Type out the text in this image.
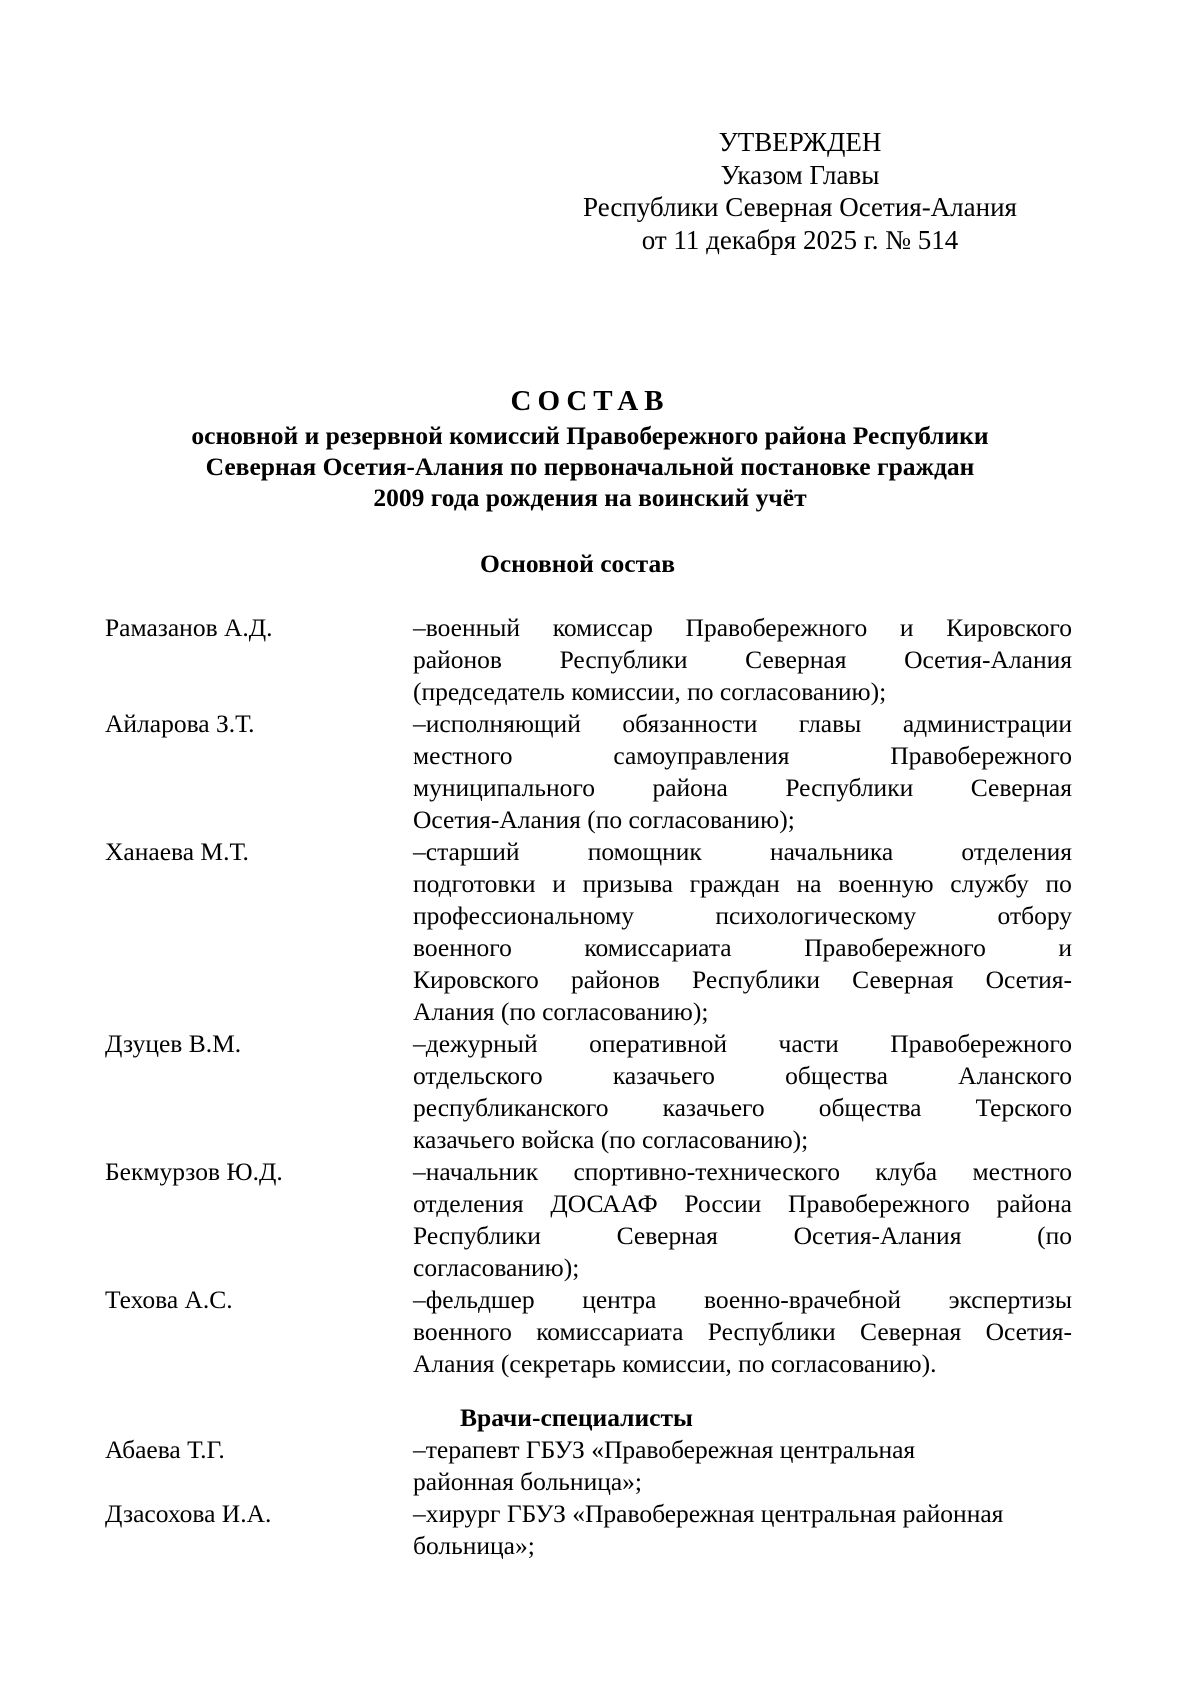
УТВЕРЖДЕН
Указом Главы
Республики Северная Осетия-Алания
от 11 декабря 2025 г. № 514
СОСТАВ
основной и резервной комиссий Правобережного района Республики
Северная Осетия-Алания по первоначальной постановке граждан
2009 года рождения на воинский учёт
Основной состав
Рамазанов А.Д.	–военный комиссар Правобережного и Кировского
районов Республики Северная Осетия-Алания
(председатель комиссии, по согласованию);
Айларова З.Т.	–исполняющий обязанности главы администрации
местного	самоуправления	Правобережного
муниципального района Республики Северная
Осетия-Алания (по согласованию);
Ханаева М.Т.	–старший	помощник	начальника	отделения
подготовки и призыва граждан на военную службу по
профессиональному	психологическому	отбору
военного	комиссариата	Правобережного	и
Кировского районов Республики Северная Осетия-
Алания (по согласованию);
Дзуцев В.М.	–дежурный оперативной части Правобережного
отдельского	казачьего	общества	Аланского
республиканского казачьего общества Терского
казачьего войска (по согласованию);
Бекмурзов Ю.Д.	–начальник спортивно-технического клуба местного
отделения ДОСААФ России Правобережного района
Республики	Северная	Осетия-Алания	(по
согласованию);
Техова А.С.	–фельдшер центра военно-врачебной экспертизы
военного комиссариата Республики Северная Осетия-
Алания (секретарь комиссии, по согласованию).
Врачи-специалисты
Абаева Т.Г.	–терапевт ГБУЗ «Правобережная центральная
районная больница»;
Дзасохова И.А.	–хирург ГБУЗ «Правобережная центральная районная
больница»;
